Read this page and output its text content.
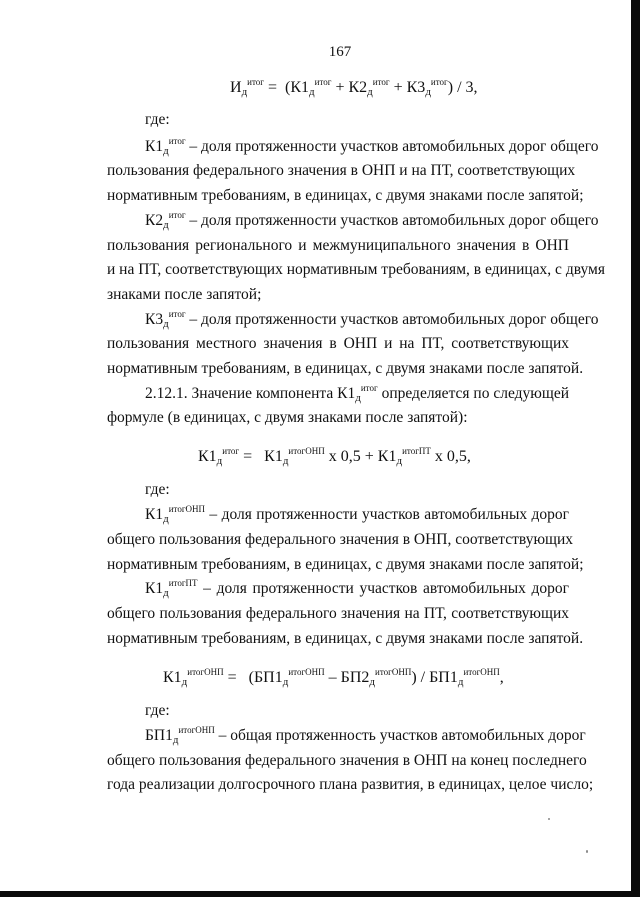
167
$И_д^{итог} = (К1_д^{итог} + К2_д^{итог} + К3_д^{итог}) / 3$,
где:
$К1_д^{итог}$ – доля протяженности участков автомобильных дорог общего
пользования федерального значения в ОНП и на ПТ, соответствующих
нормативным требованиям, в единицах, с двумя знаками после запятой;
$К2_д^{итог}$ – доля протяженности участков автомобильных дорог общего
пользования регионального и межмуниципального значения в ОНП
и на ПТ, соответствующих нормативным требованиям, в единицах, с двумя
знаками после запятой;
$К3_д^{итог}$ – доля протяженности участков автомобильных дорог общего
пользования местного значения в ОНП и на ПТ, соответствующих
нормативным требованиям, в единицах, с двумя знаками после запятой.
2.12.1. Значение компонента $К1_д^{итог}$ определяется по следующей
формуле (в единицах, с двумя знаками после запятой):
$К1_д^{итог} = К1_д^{итогОНП}$ х $0,5 + К1_д^{итогПТ}$ х 0,5,
где:
$К1_д^{итогОНП}$ – доля протяженности участков автомобильных дорог
общего пользования федерального значения в ОНП, соответствующих
нормативным требованиям, в единицах, с двумя знаками после запятой;
$К1_д^{итогПТ}$ – доля протяженности участков автомобильных дорог
общего пользования федерального значения на ПТ, соответствующих
нормативным требованиям, в единицах, с двумя знаками после запятой.
$К1_д^{итогОНП} = (БП1_д^{итогОНП} - БП2_д^{итогОНП}) / БП1_д^{итогОНП}$,
где:
$БП1_д^{итогОНП}$ – общая протяженность участков автомобильных дорог
общего пользования федерального значения в ОНП на конец последнего
года реализации долгосрочного плана развития, в единицах, целое число;
